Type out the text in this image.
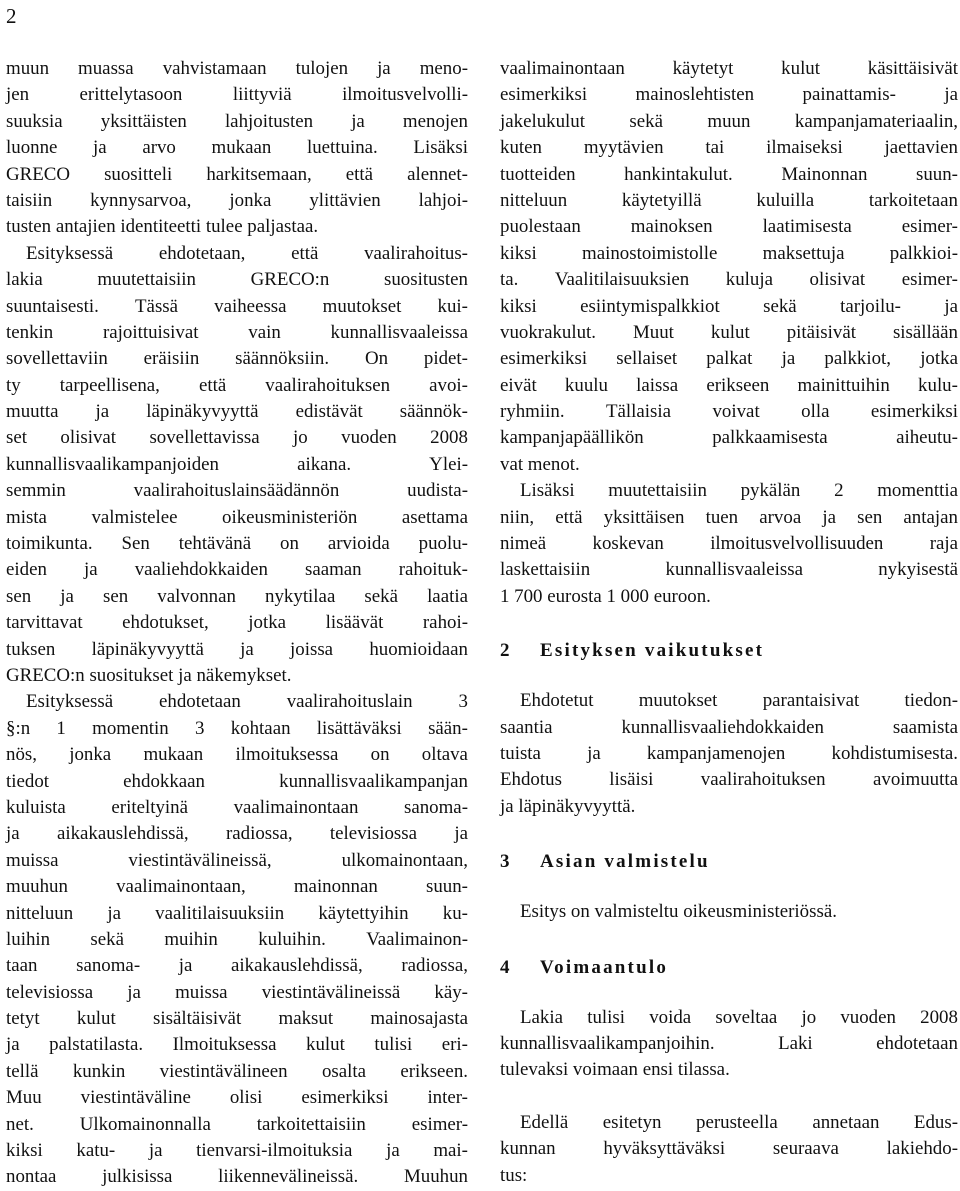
2
muun muassa vahvistamaan tulojen ja meno-
jen	erittelytasoon	liittyviä	ilmoitusvelvolli-
suuksia yksittäisten lahjoitusten ja menojen
luonne ja arvo mukaan luettuina. Lisäksi
GRECO suositteli harkitsemaan, että alennet-
taisiin kynnysarvoa, jonka ylittävien lahjoi-
tusten antajien identiteetti tulee paljastaa.
Esityksessä ehdotetaan, että vaalirahoitus-
lakia	muutettaisiin	GRECO:n	suositusten
suuntaisesti. Tässä vaiheessa muutokset kui-
tenkin	rajoittuisivat	vain	kunnallisvaaleissa
sovellettaviin eräisiin säännöksiin. On pidet-
ty tarpeellisena, että vaalirahoituksen avoi-
muutta ja läpinäkyvyyttä edistävät säännök-
set olisivat sovellettavissa jo vuoden 2008
kunnallisvaalikampanjoiden	aikana.	Ylei-
semmin	vaalirahoituslainsäädännön	uudista-
mista valmistelee oikeusministeriön asettama
toimikunta. Sen tehtävänä on arvioida puolu-
eiden ja vaaliehdokkaiden saaman rahoituk-
sen ja sen valvonnan nykytilaa sekä laatia
tarvittavat ehdotukset, jotka lisäävät rahoi-
tuksen läpinäkyvyyttä ja joissa huomioidaan
GRECO:n suositukset ja näkemykset.
Esityksessä ehdotetaan vaalirahoituslain 3
§:n 1 momentin 3 kohtaan lisättäväksi sään-
nös, jonka mukaan ilmoituksessa on oltava
tiedot	ehdokkaan	kunnallisvaalikampanjan
kuluista eriteltyinä vaalimainontaan sanoma-
ja aikakauslehdissä, radiossa, televisiossa ja
muissa	viestintävälineissä,	ulkomainontaan,
muuhun	vaalimainontaan,	mainonnan	suun-
nitteluun ja vaalitilaisuuksiin käytettyihin ku-
luihin sekä muihin kuluihin. Vaalimainon-
taan sanoma- ja aikakauslehdissä, radiossa,
televisiossa ja muissa viestintävälineissä käy-
tetyt kulut sisältäisivät maksut mainosajasta
ja palstatilasta. Ilmoituksessa kulut tulisi eri-
tellä kunkin viestintävälineen osalta erikseen.
Muu viestintäväline olisi esimerkiksi inter-
net. Ulkomainonnalla tarkoitettaisiin esimer-
kiksi katu- ja tienvarsi-ilmoituksia ja mai-
nontaa julkisissa liikennevälineissä. Muuhun
vaalimainontaan	käytetyt	kulut	käsittäisivät
esimerkiksi	mainoslehtisten	painattamis-	ja
jakelukulut sekä muun kampanjamateriaalin,
kuten myytävien tai ilmaiseksi jaettavien
tuotteiden	hankintakulut.	Mainonnan	suun-
nitteluun	käytetyillä	kuluilla	tarkoitetaan
puolestaan	mainoksen	laatimisesta	esimer-
kiksi mainostoimistolle maksettuja palkkioi-
ta. Vaalitilaisuuksien kuluja olisivat esimer-
kiksi esiintymispalkkiot sekä tarjoilu- ja
vuokrakulut. Muut kulut pitäisivät sisällään
esimerkiksi sellaiset palkat ja palkkiot, jotka
eivät kuulu laissa erikseen mainittuihin kulu-
ryhmiin. Tällaisia voivat olla esimerkiksi
kampanjapäällikön	palkkaamisesta	aiheutu-
vat menot.
Lisäksi muutettaisiin pykälän 2 momenttia
niin, että yksittäisen tuen arvoa ja sen antajan
nimeä koskevan ilmoitusvelvollisuuden raja
laskettaisiin	kunnallisvaaleissa	nykyisestä
1 700 eurosta 1 000 euroon.
2 Esityksen vaikutukset
Ehdotetut muutokset parantaisivat tiedon-
saantia	kunnallisvaaliehdokkaiden	saamista
tuista ja kampanjamenojen kohdistumisesta.
Ehdotus	lisäisi	vaalirahoituksen	avoimuutta
ja läpinäkyvyyttä.
3 Asian valmistelu
Esitys on valmisteltu oikeusministeriössä.
4 Voimaantulo
Lakia tulisi voida soveltaa jo vuoden 2008
kunnallisvaalikampanjoihin.	Laki	ehdotetaan
tulevaksi voimaan ensi tilassa.
Edellä esitetyn perusteella annetaan Edus-
kunnan	hyväksyttäväksi	seuraava	lakiehdo-
tus:
